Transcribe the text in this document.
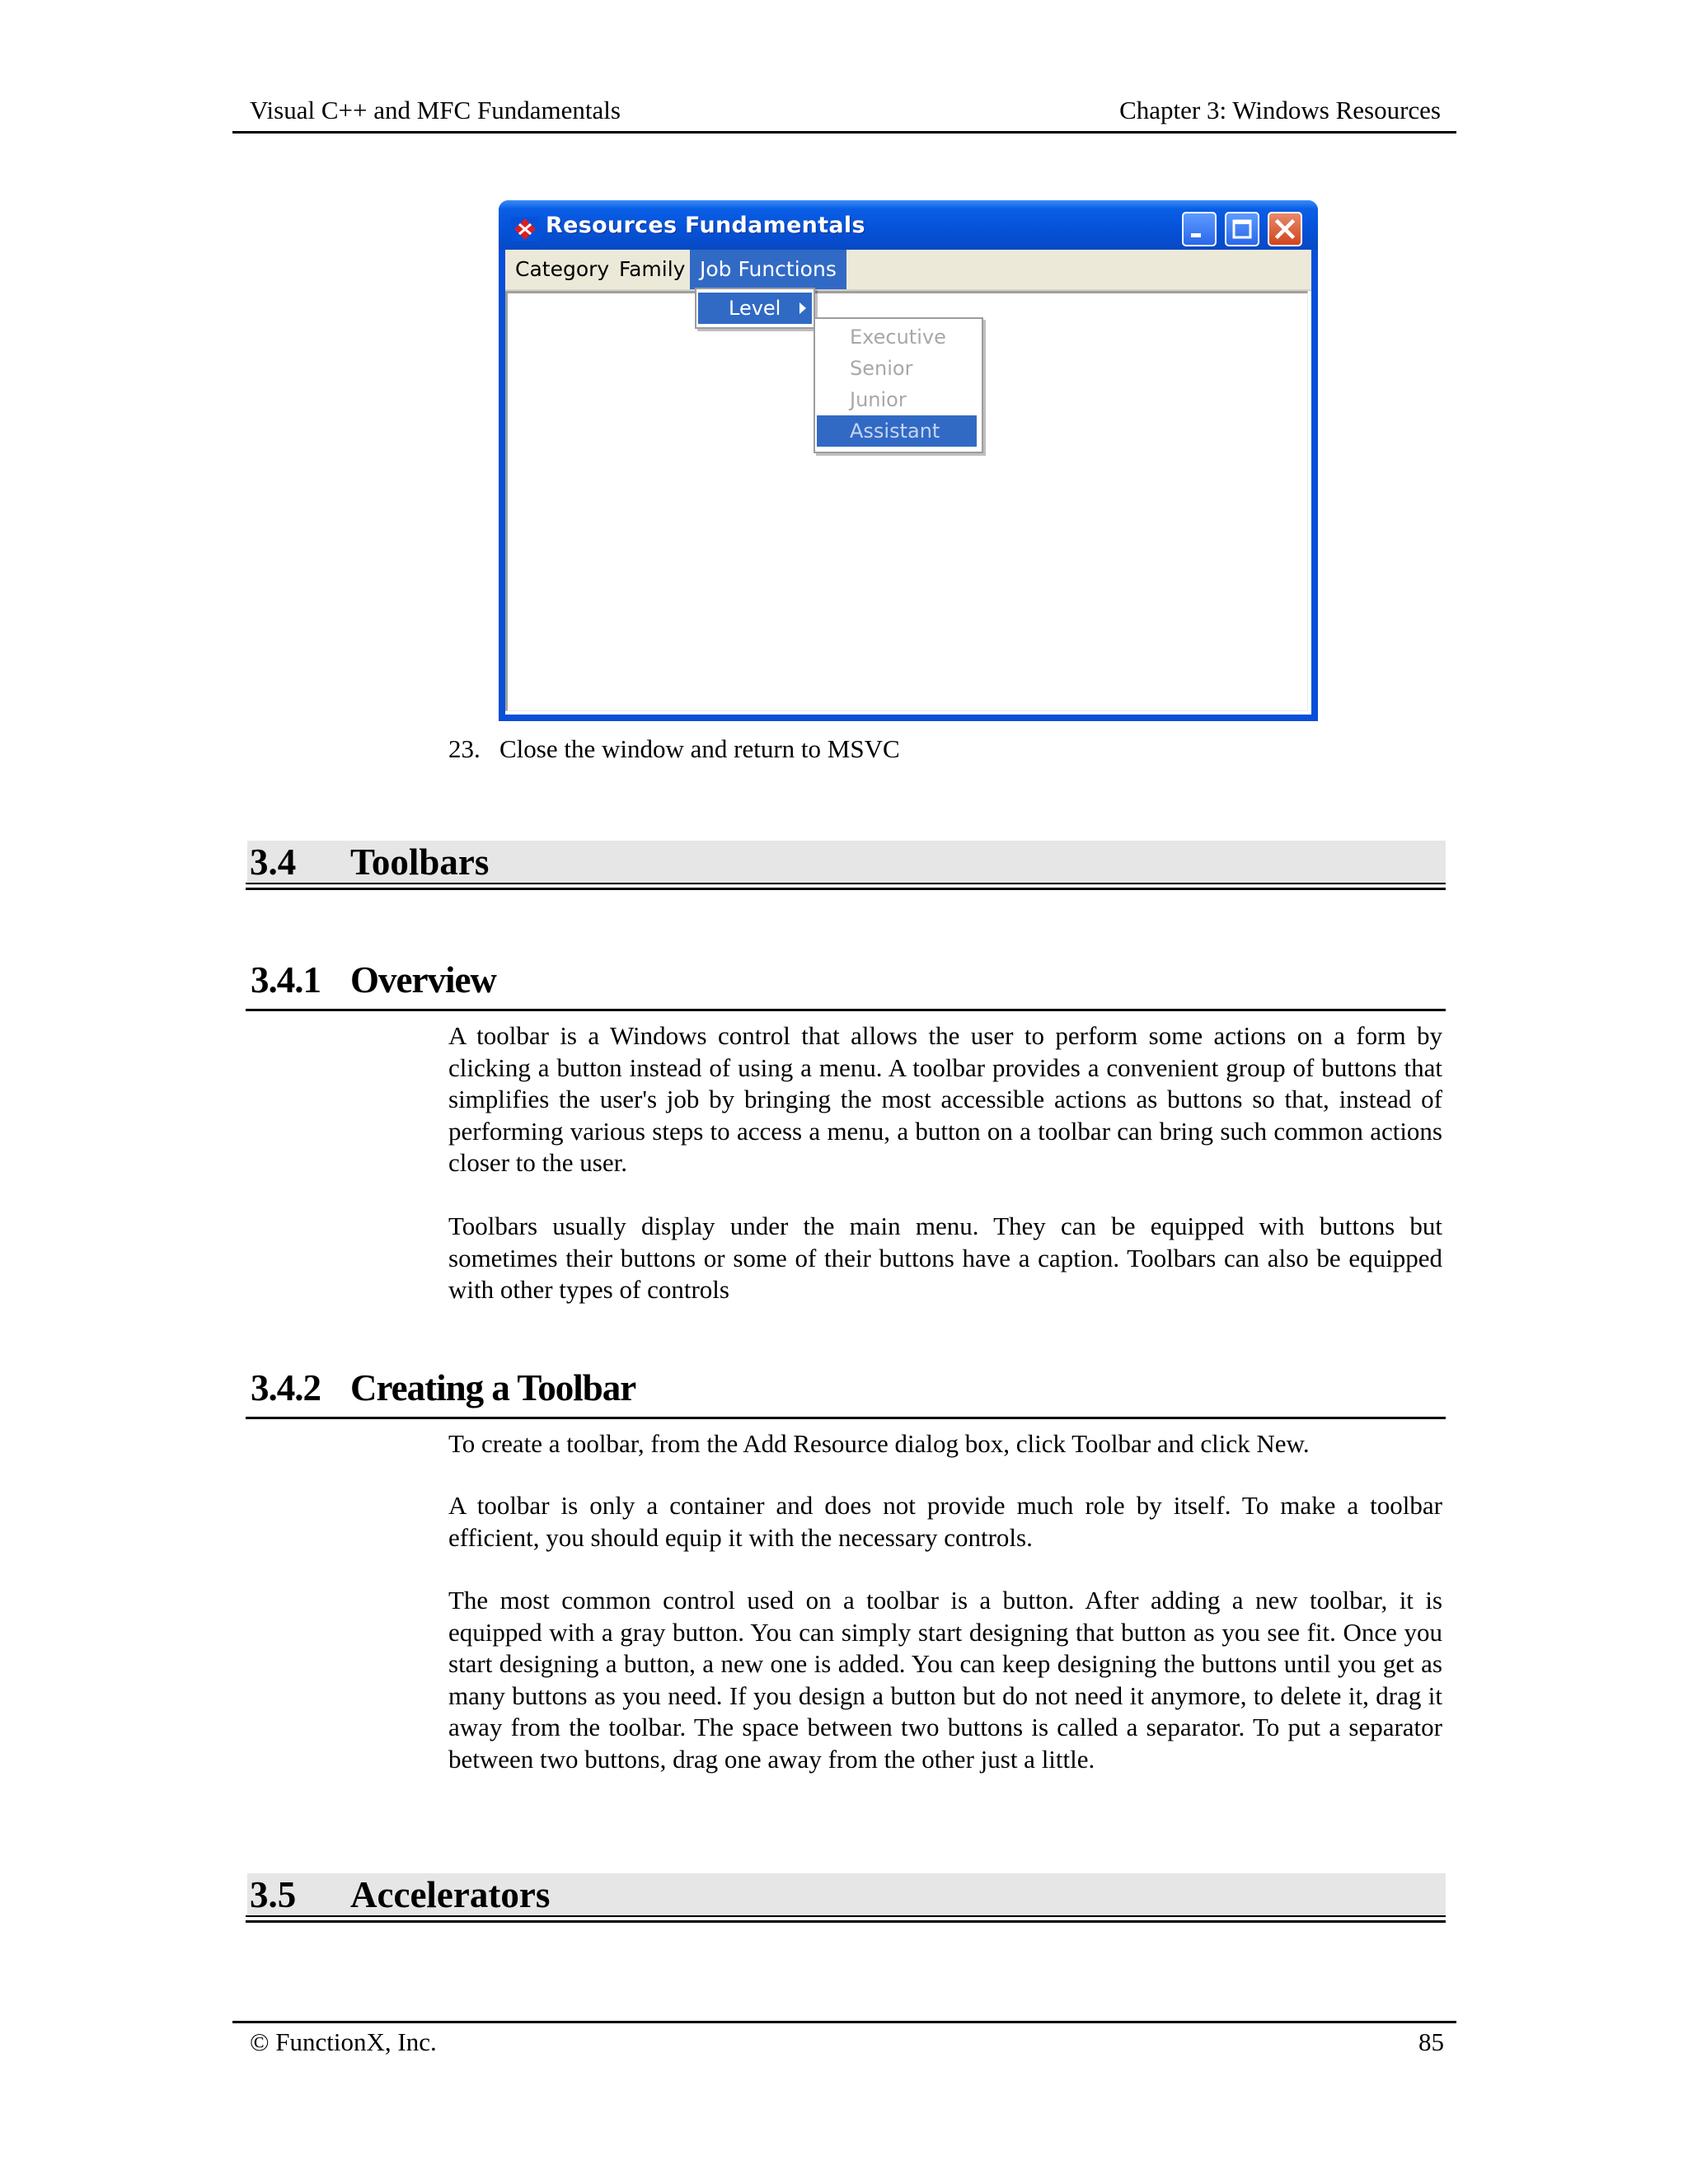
Visual C++ and MFC Fundamentals	Chapter 3: Windows Resources
Resources Fundamentals
Category Family Job Functions
Level
Executive
Senior
Junior
Assistant
23. Close the window and return to MSVC
3.4 Toolbars
3.4.1 Overview
A toolbar is a Windows control that allows the user to perform some actions on a form by clicking a button instead of using a menu. A toolbar provides a convenient group of buttons that simplifies the user's job by bringing the most accessible actions as buttons so that, instead of performing various steps to access a menu, a button on a toolbar can bring such common actions closer to the user.
Toolbars usually display under the main menu. They can be equipped with buttons but sometimes their buttons or some of their buttons have a caption. Toolbars can also be equipped with other types of controls
3.4.2 Creating a Toolbar
To create a toolbar, from the Add Resource dialog box, click Toolbar and click New.
A toolbar is only a container and does not provide much role by itself. To make a toolbar efficient, you should equip it with the necessary controls.
The most common control used on a toolbar is a button. After adding a new toolbar, it is equipped with a gray button. You can simply start designing that button as you see fit. Once you start designing a button, a new one is added. You can keep designing the buttons until you get as many buttons as you need. If you design a button but do not need it anymore, to delete it, drag it away from the toolbar. The space between two buttons is called a separator. To put a separator between two buttons, drag one away from the other just a little.
3.5 Accelerators
© FunctionX, Inc.	85
